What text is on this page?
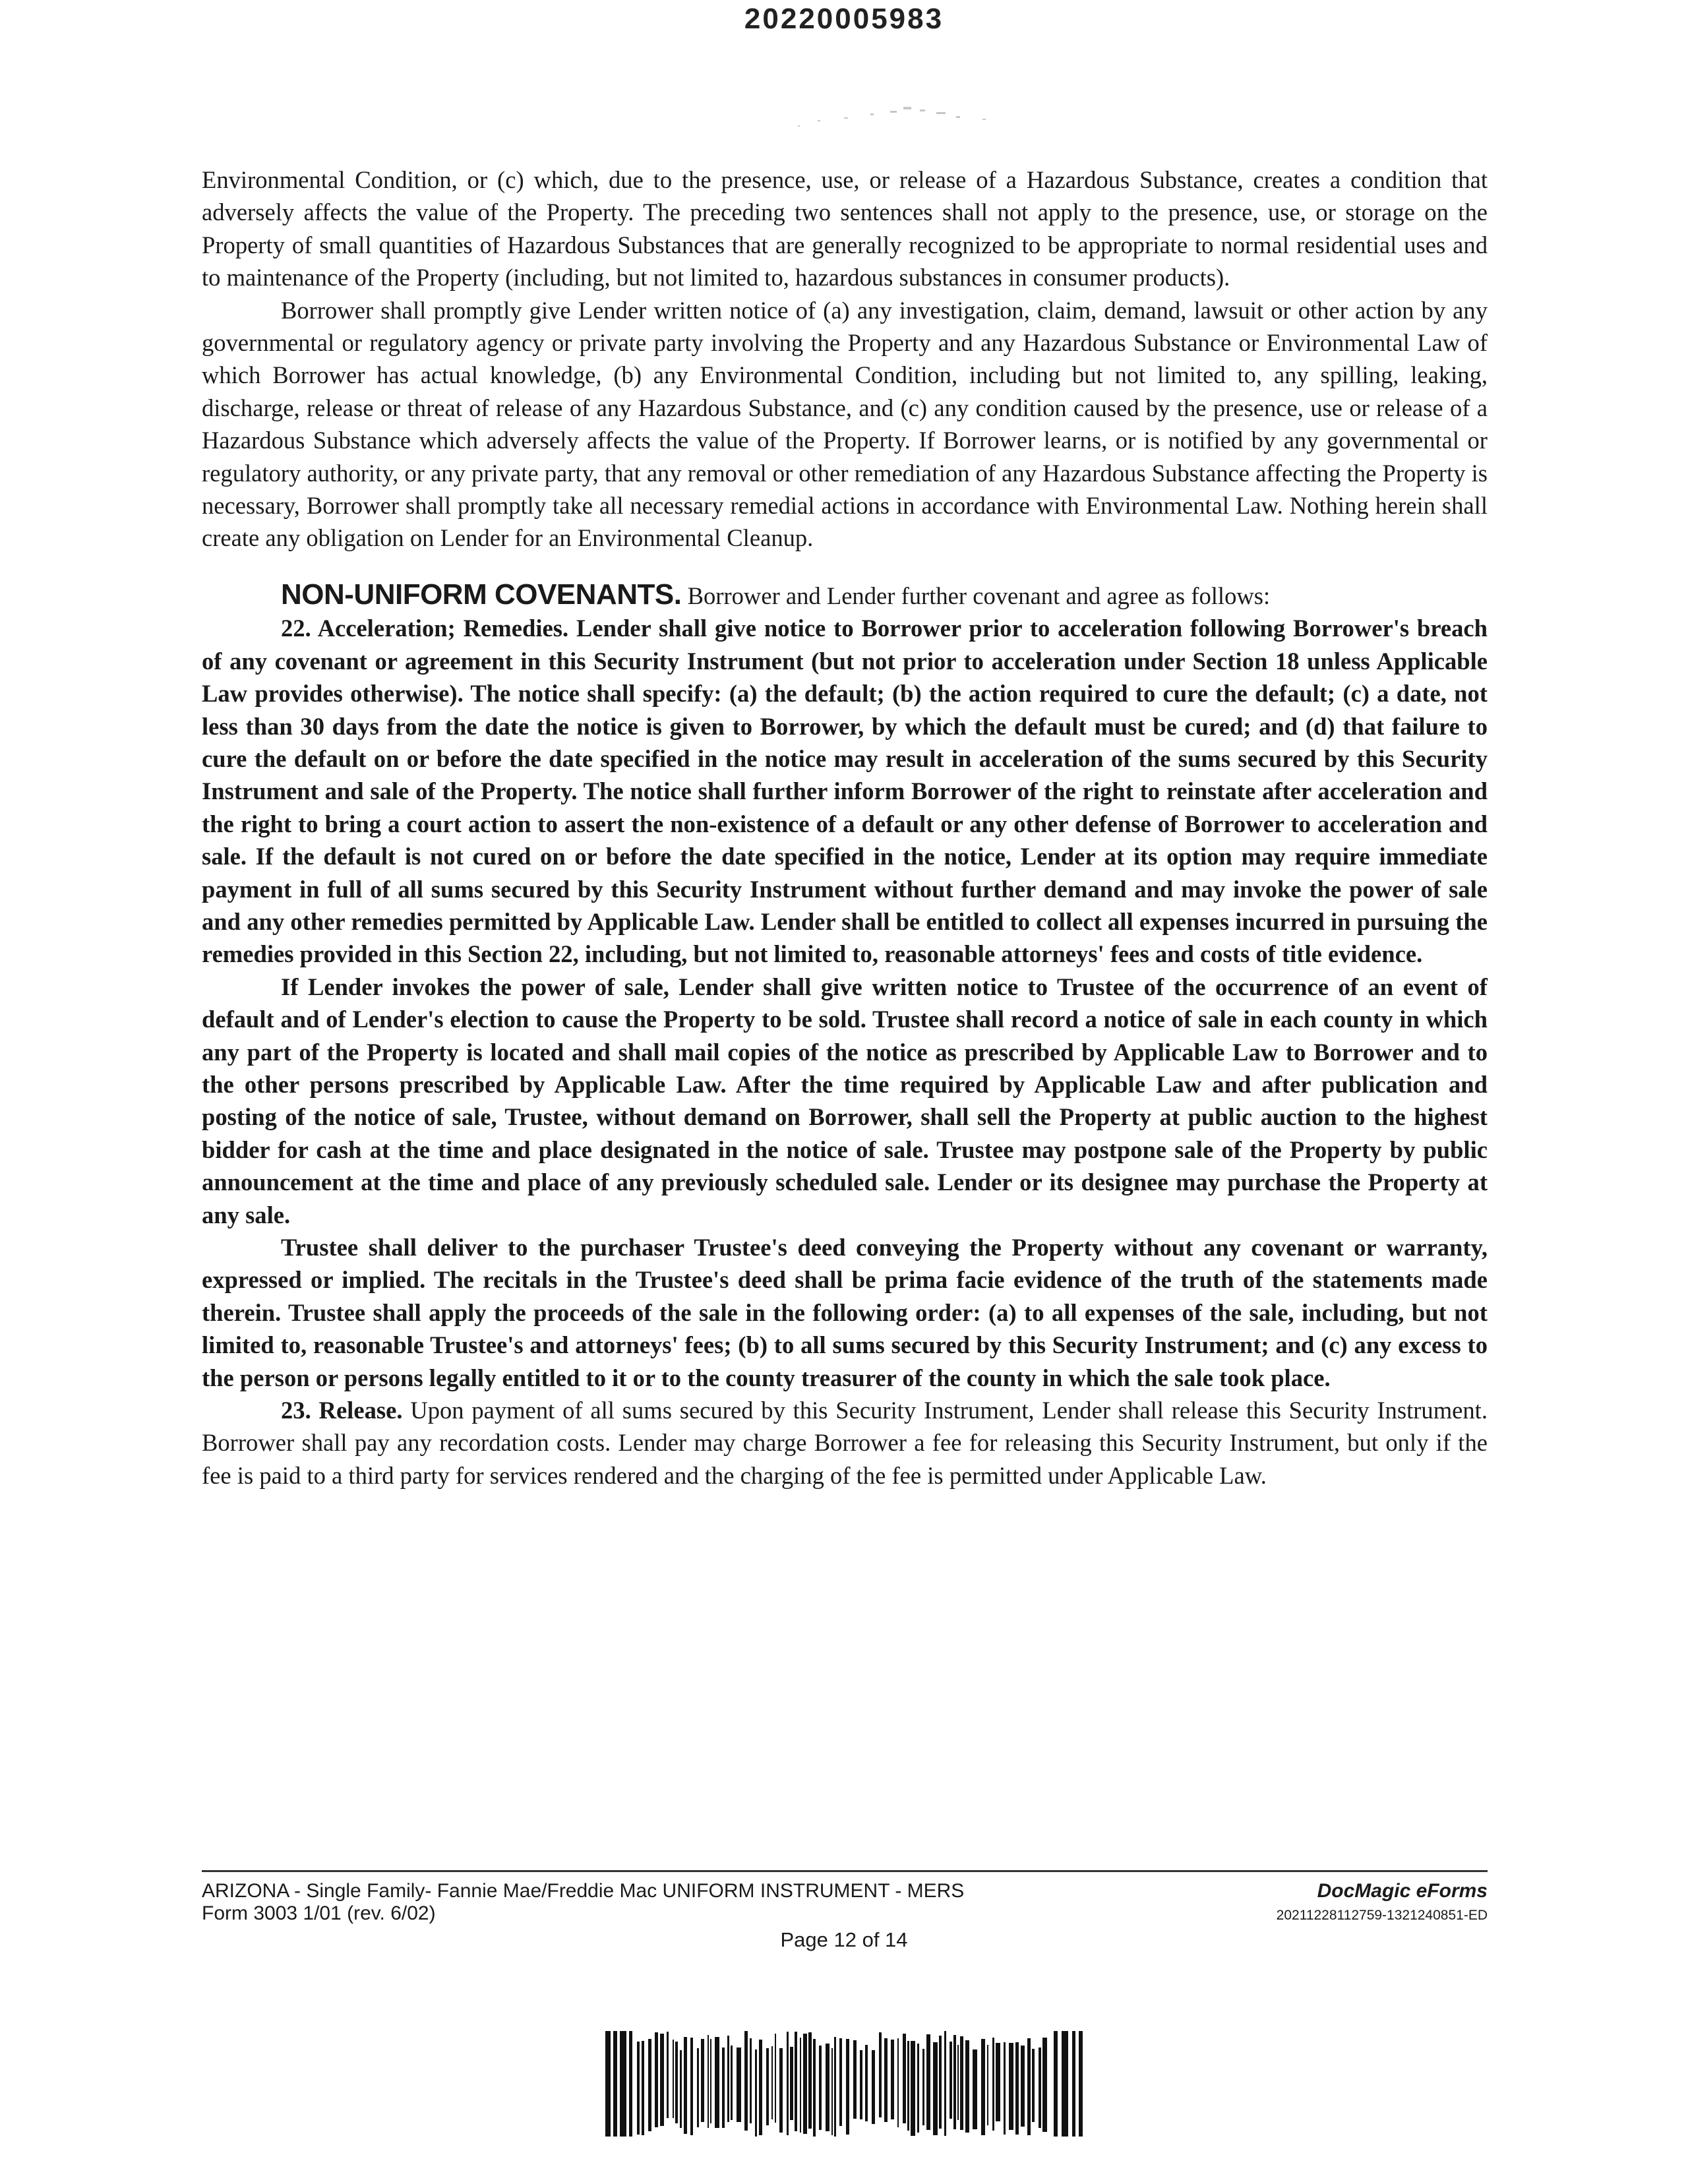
20220005983

Environmental Condition, or (c) which, due to the presence, use, or release of a Hazardous Substance, creates a condition that adversely affects the value of the Property. The preceding two sentences shall not apply to the presence, use, or storage on the Property of small quantities of Hazardous Substances that are generally recognized to be appropriate to normal residential uses and to maintenance of the Property (including, but not limited to, hazardous substances in consumer products).

Borrower shall promptly give Lender written notice of (a) any investigation, claim, demand, lawsuit or other action by any governmental or regulatory agency or private party involving the Property and any Hazardous Substance or Environmental Law of which Borrower has actual knowledge, (b) any Environmental Condition, including but not limited to, any spilling, leaking, discharge, release or threat of release of any Hazardous Substance, and (c) any condition caused by the presence, use or release of a Hazardous Substance which adversely affects the value of the Property. If Borrower learns, or is notified by any governmental or regulatory authority, or any private party, that any removal or other remediation of any Hazardous Substance affecting the Property is necessary, Borrower shall promptly take all necessary remedial actions in accordance with Environmental Law. Nothing herein shall create any obligation on Lender for an Environmental Cleanup.

NON-UNIFORM COVENANTS. Borrower and Lender further covenant and agree as follows:

22. Acceleration; Remedies. Lender shall give notice to Borrower prior to acceleration following Borrower's breach of any covenant or agreement in this Security Instrument (but not prior to acceleration under Section 18 unless Applicable Law provides otherwise). The notice shall specify: (a) the default; (b) the action required to cure the default; (c) a date, not less than 30 days from the date the notice is given to Borrower, by which the default must be cured; and (d) that failure to cure the default on or before the date specified in the notice may result in acceleration of the sums secured by this Security Instrument and sale of the Property. The notice shall further inform Borrower of the right to reinstate after acceleration and the right to bring a court action to assert the non-existence of a default or any other defense of Borrower to acceleration and sale. If the default is not cured on or before the date specified in the notice, Lender at its option may require immediate payment in full of all sums secured by this Security Instrument without further demand and may invoke the power of sale and any other remedies permitted by Applicable Law. Lender shall be entitled to collect all expenses incurred in pursuing the remedies provided in this Section 22, including, but not limited to, reasonable attorneys' fees and costs of title evidence.

If Lender invokes the power of sale, Lender shall give written notice to Trustee of the occurrence of an event of default and of Lender's election to cause the Property to be sold. Trustee shall record a notice of sale in each county in which any part of the Property is located and shall mail copies of the notice as prescribed by Applicable Law to Borrower and to the other persons prescribed by Applicable Law. After the time required by Applicable Law and after publication and posting of the notice of sale, Trustee, without demand on Borrower, shall sell the Property at public auction to the highest bidder for cash at the time and place designated in the notice of sale. Trustee may postpone sale of the Property by public announcement at the time and place of any previously scheduled sale. Lender or its designee may purchase the Property at any sale.

Trustee shall deliver to the purchaser Trustee's deed conveying the Property without any covenant or warranty, expressed or implied. The recitals in the Trustee's deed shall be prima facie evidence of the truth of the statements made therein. Trustee shall apply the proceeds of the sale in the following order: (a) to all expenses of the sale, including, but not limited to, reasonable Trustee's and attorneys' fees; (b) to all sums secured by this Security Instrument; and (c) any excess to the person or persons legally entitled to it or to the county treasurer of the county in which the sale took place.

23. Release. Upon payment of all sums secured by this Security Instrument, Lender shall release this Security Instrument. Borrower shall pay any recordation costs. Lender may charge Borrower a fee for releasing this Security Instrument, but only if the fee is paid to a third party for services rendered and the charging of the fee is permitted under Applicable Law.

ARIZONA - Single Family- Fannie Mae/Freddie Mac UNIFORM INSTRUMENT - MERS	DocMagic eForms
Form 3003 1/01 (rev. 6/02)	20211228112759-1321240851-ED
Page 12 of 14
